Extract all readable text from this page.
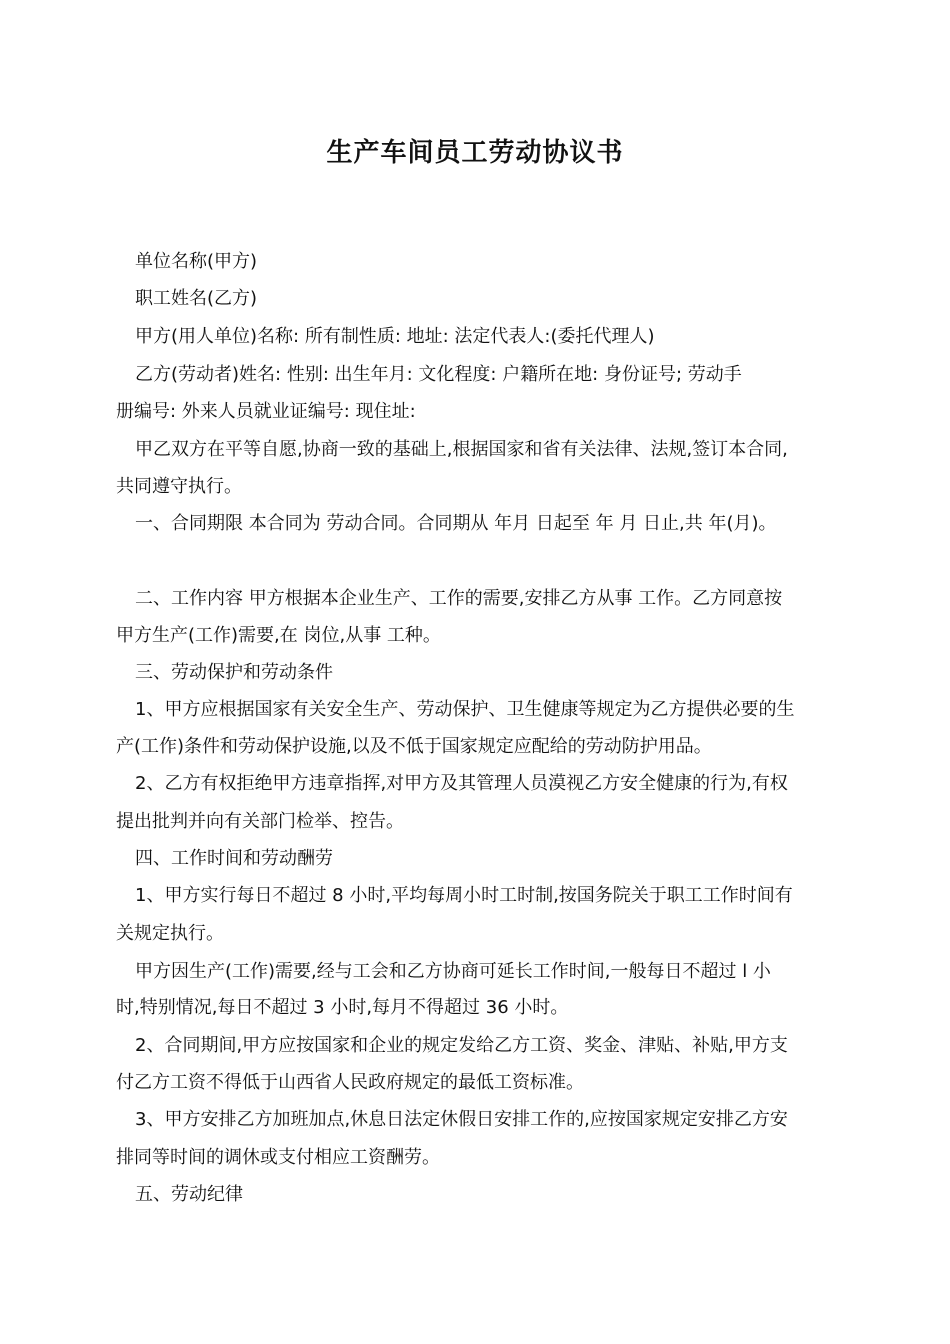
生产车间员工劳动协议书
单位名称(甲方)
职工姓名(乙方)
甲方(用人单位)名称: 所有制性质: 地址: 法定代表人:(委托代理人)
乙方(劳动者)姓名: 性别: 出生年月: 文化程度: 户籍所在地: 身份证号; 劳动手
册编号: 外来人员就业证编号: 现住址:
甲乙双方在平等自愿,协商一致的基础上,根据国家和省有关法律、法规,签订本合同,
共同遵守执行。
一、合同期限 本合同为 劳动合同。合同期从 年月 日起至 年 月 日止,共 年(月)。
二、工作内容 甲方根据本企业生产、工作的需要,安排乙方从事 工作。乙方同意按
甲方生产(工作)需要,在 岗位,从事 工种。
三、劳动保护和劳动条件
1、甲方应根据国家有关安全生产、劳动保护、卫生健康等规定为乙方提供必要的生
产(工作)条件和劳动保护设施,以及不低于国家规定应配给的劳动防护用品。
2、乙方有权拒绝甲方违章指挥,对甲方及其管理人员漠视乙方安全健康的行为,有权
提出批判并向有关部门检举、控告。
四、工作时间和劳动酬劳
1、甲方实行每日不超过 8 小时,平均每周小时工时制,按国务院关于职工工作时间有
关规定执行。
甲方因生产(工作)需要,经与工会和乙方协商可延长工作时间,一般每日不超过 l 小
时,特别情况,每日不超过 3 小时,每月不得超过 36 小时。
2、合同期间,甲方应按国家和企业的规定发给乙方工资、奖金、津贴、补贴,甲方支
付乙方工资不得低于山西省人民政府规定的最低工资标准。
3、甲方安排乙方加班加点,休息日法定休假日安排工作的,应按国家规定安排乙方安
排同等时间的调休或支付相应工资酬劳。
五、劳动纪律
